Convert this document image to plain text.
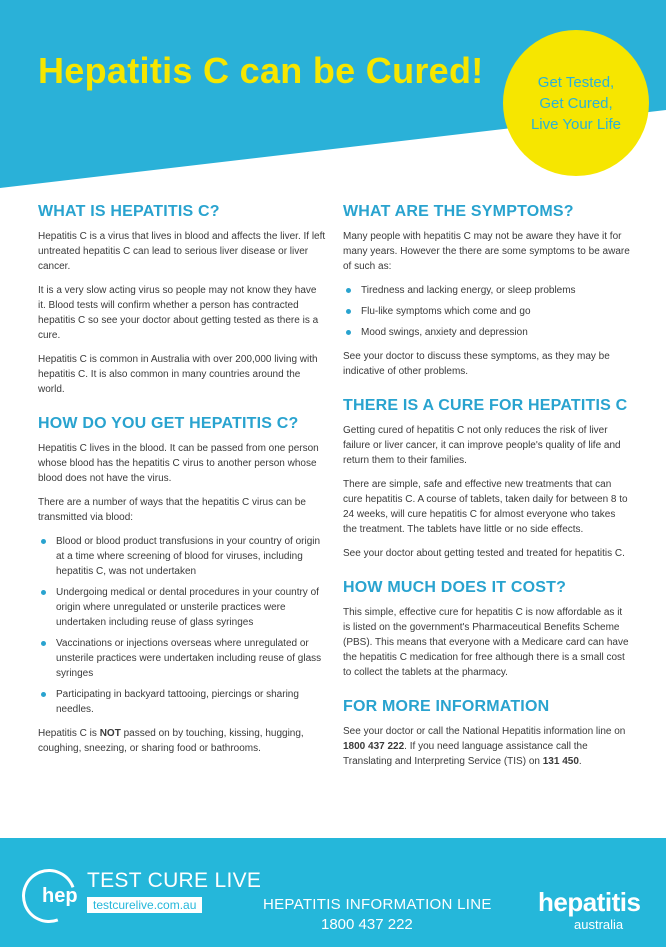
Hepatitis C can be Cured!	Get Tested,
Get Cured,
Live Your Life
WHAT IS HEPATITIS C?

Hepatitis C is a virus that lives in blood and affects the liver. If left untreated hepatitis C can lead to serious liver disease or liver cancer.

It is a very slow acting virus so people may not know they have it. Blood tests will confirm whether a person has contracted hepatitis C so see your doctor about getting tested as there is a cure.

Hepatitis C is common in Australia with over 200,000 living with hepatitis C. It is also common in many countries around the world.

HOW DO YOU GET HEPATITIS C?

Hepatitis C lives in the blood. It can be passed from one person whose blood has the hepatitis C virus to another person whose blood does not have the virus.

There are a number of ways that the hepatitis C virus can be transmitted via blood:

Blood or blood product transfusions in your country of origin at a time where screening of blood for viruses, including hepatitis C, was not undertaken
Undergoing medical or dental procedures in your country of origin where unregulated or unsterile practices were undertaken including reuse of glass syringes
Vaccinations or injections overseas where unregulated or unsterile practices were undertaken including reuse of glass syringes
Participating in backyard tattooing, piercings or sharing needles.

Hepatitis C is NOT passed on by touching, kissing, hugging, coughing, sneezing, or sharing food or bathrooms.

WHAT ARE THE SYMPTOMS?

Many people with hepatitis C may not be aware they have it for many years. However the there are some symptoms to be aware of such as:

Tiredness and lacking energy, or sleep problems
Flu-like symptoms which come and go
Mood swings, anxiety and depression

See your doctor to discuss these symptoms, as they may be indicative of other problems.

THERE IS A CURE FOR HEPATITIS C

Getting cured of hepatitis C not only reduces the risk of liver failure or liver cancer, it can improve people's quality of life and return them to their families.

There are simple, safe and effective new treatments that can cure hepatitis C. A course of tablets, taken daily for between 8 to 24 weeks, will cure hepatitis C for almost everyone who takes the treatment. The tablets have little or no side effects.

See your doctor about getting tested and treated for hepatitis C.

HOW MUCH DOES IT COST?

This simple, effective cure for hepatitis C is now affordable as it is listed on the government's Pharmaceutical Benefits Scheme (PBS). This means that everyone with a Medicare card can have the hepatitis C medication for free although there is a small cost to collect the tablets at the pharmacy.

FOR MORE INFORMATION

See your doctor or call the National Hepatitis information line on 1800 437 222. If you need language assistance call the Translating and Interpreting Service (TIS) on 131 450.

hep
TEST CURE LIVE
testcurelive.com.au	HEPATITIS INFORMATION LINE
1800 437 222
hepatitis
australia
